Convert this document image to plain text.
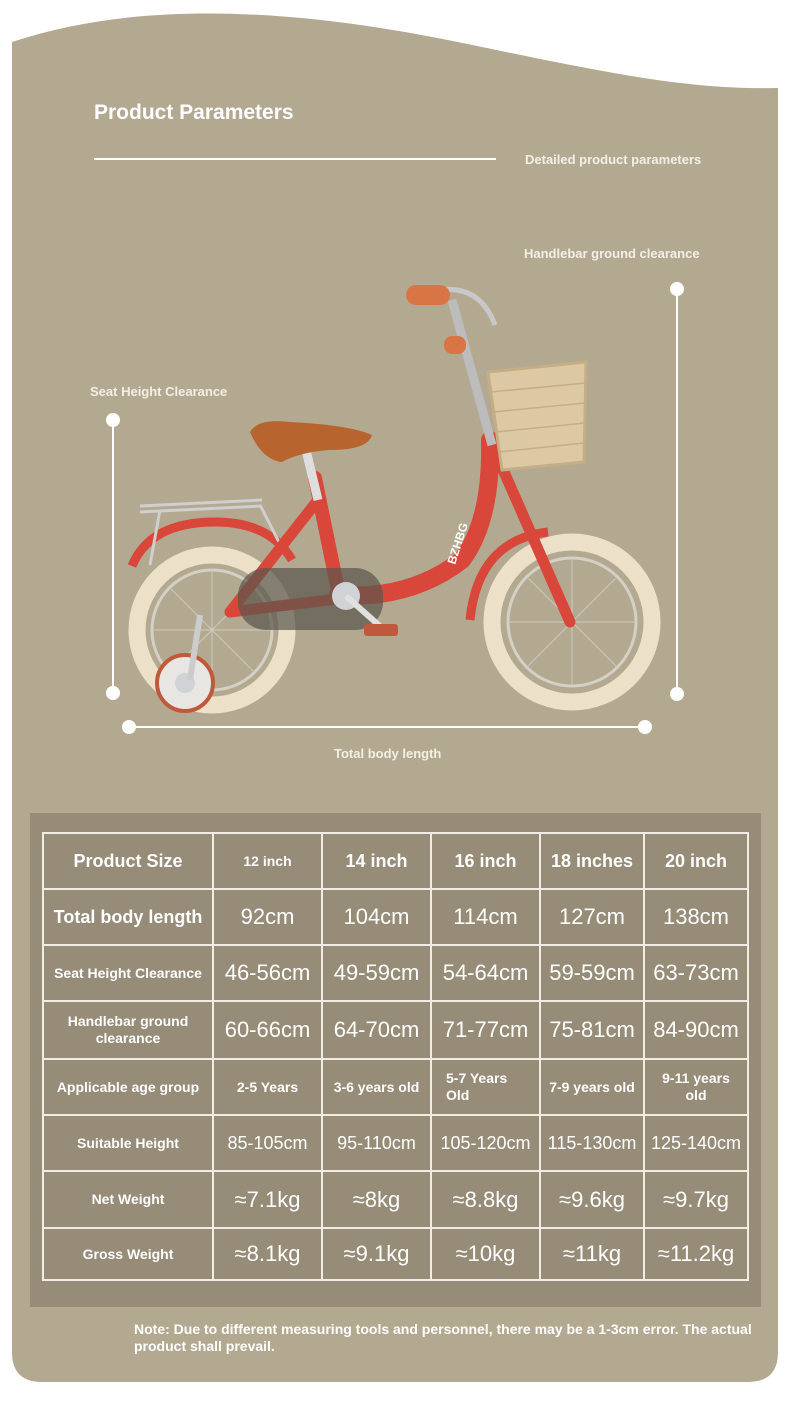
Product Parameters
Detailed product parameters
Handlebar ground clearance
Seat Height Clearance
Total body length
BZHBG
Product Size	12 inch	14 inch	16 inch	18 inches	20 inch
Total body length	92cm	104cm	114cm	127cm	138cm
Seat Height Clearance	46-56cm	49-59cm	54-64cm	59-59cm	63-73cm
Handlebar ground clearance	60-66cm	64-70cm	71-77cm	75-81cm	84-90cm
Applicable age group	2-5 Years	3-6 years old	5-7 Years Old	7-9 years old	9-11 years old
Suitable Height	85-105cm	95-110cm	105-120cm	115-130cm	125-140cm
Net Weight	≈7.1kg	≈8kg	≈8.8kg	≈9.6kg	≈9.7kg
Gross Weight	≈8.1kg	≈9.1kg	≈10kg	≈11kg	≈11.2kg
Note: Due to different measuring tools and personnel, there may be a 1-3cm error. The actual product shall prevail.
